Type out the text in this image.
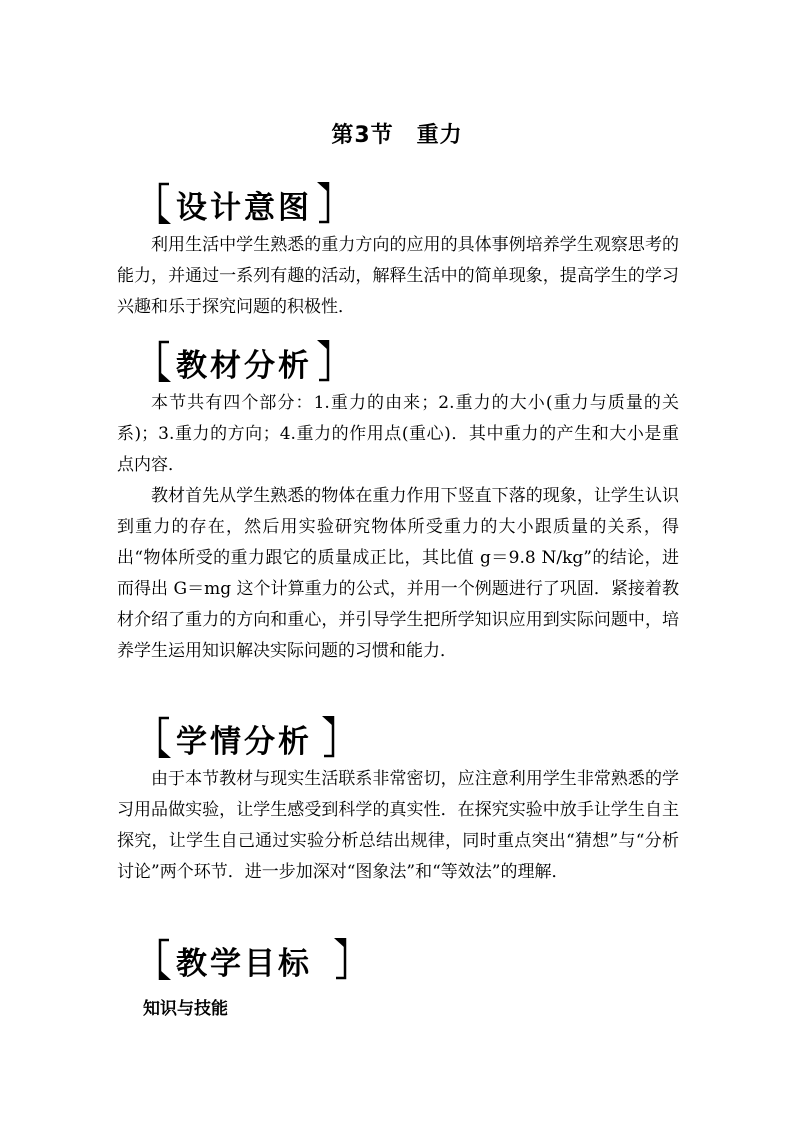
第3节　重力
设计意图

利用生活中学生熟悉的重力方向的应用的具体事例培养学生观察思考的能力，并通过一系列有趣的活动，解释生活中的简单现象，提高学生的学习兴趣和乐于探究问题的积极性．

教材分析

本节共有四个部分：1.重力的由来；2.重力的大小(重力与质量的关系)；3.重力的方向；4.重力的作用点(重心)．其中重力的产生和大小是重点内容．

教材首先从学生熟悉的物体在重力作用下竖直下落的现象，让学生认识到重力的存在，然后用实验研究物体所受重力的大小跟质量的关系，得出“物体所受的重力跟它的质量成正比，其比值 g＝9.8 N/kg”的结论，进而得出 G＝mg 这个计算重力的公式，并用一个例题进行了巩固．紧接着教材介绍了重力的方向和重心，并引导学生把所学知识应用到实际问题中，培养学生运用知识解决实际问题的习惯和能力．

学情分析

由于本节教材与现实生活联系非常密切，应注意利用学生非常熟悉的学习用品做实验，让学生感受到科学的真实性．在探究实验中放手让学生自主探究，让学生自己通过实验分析总结出规律，同时重点突出“猜想”与“分析讨论”两个环节．进一步加深对“图象法”和“等效法”的理解．

教学目标
知识与技能
